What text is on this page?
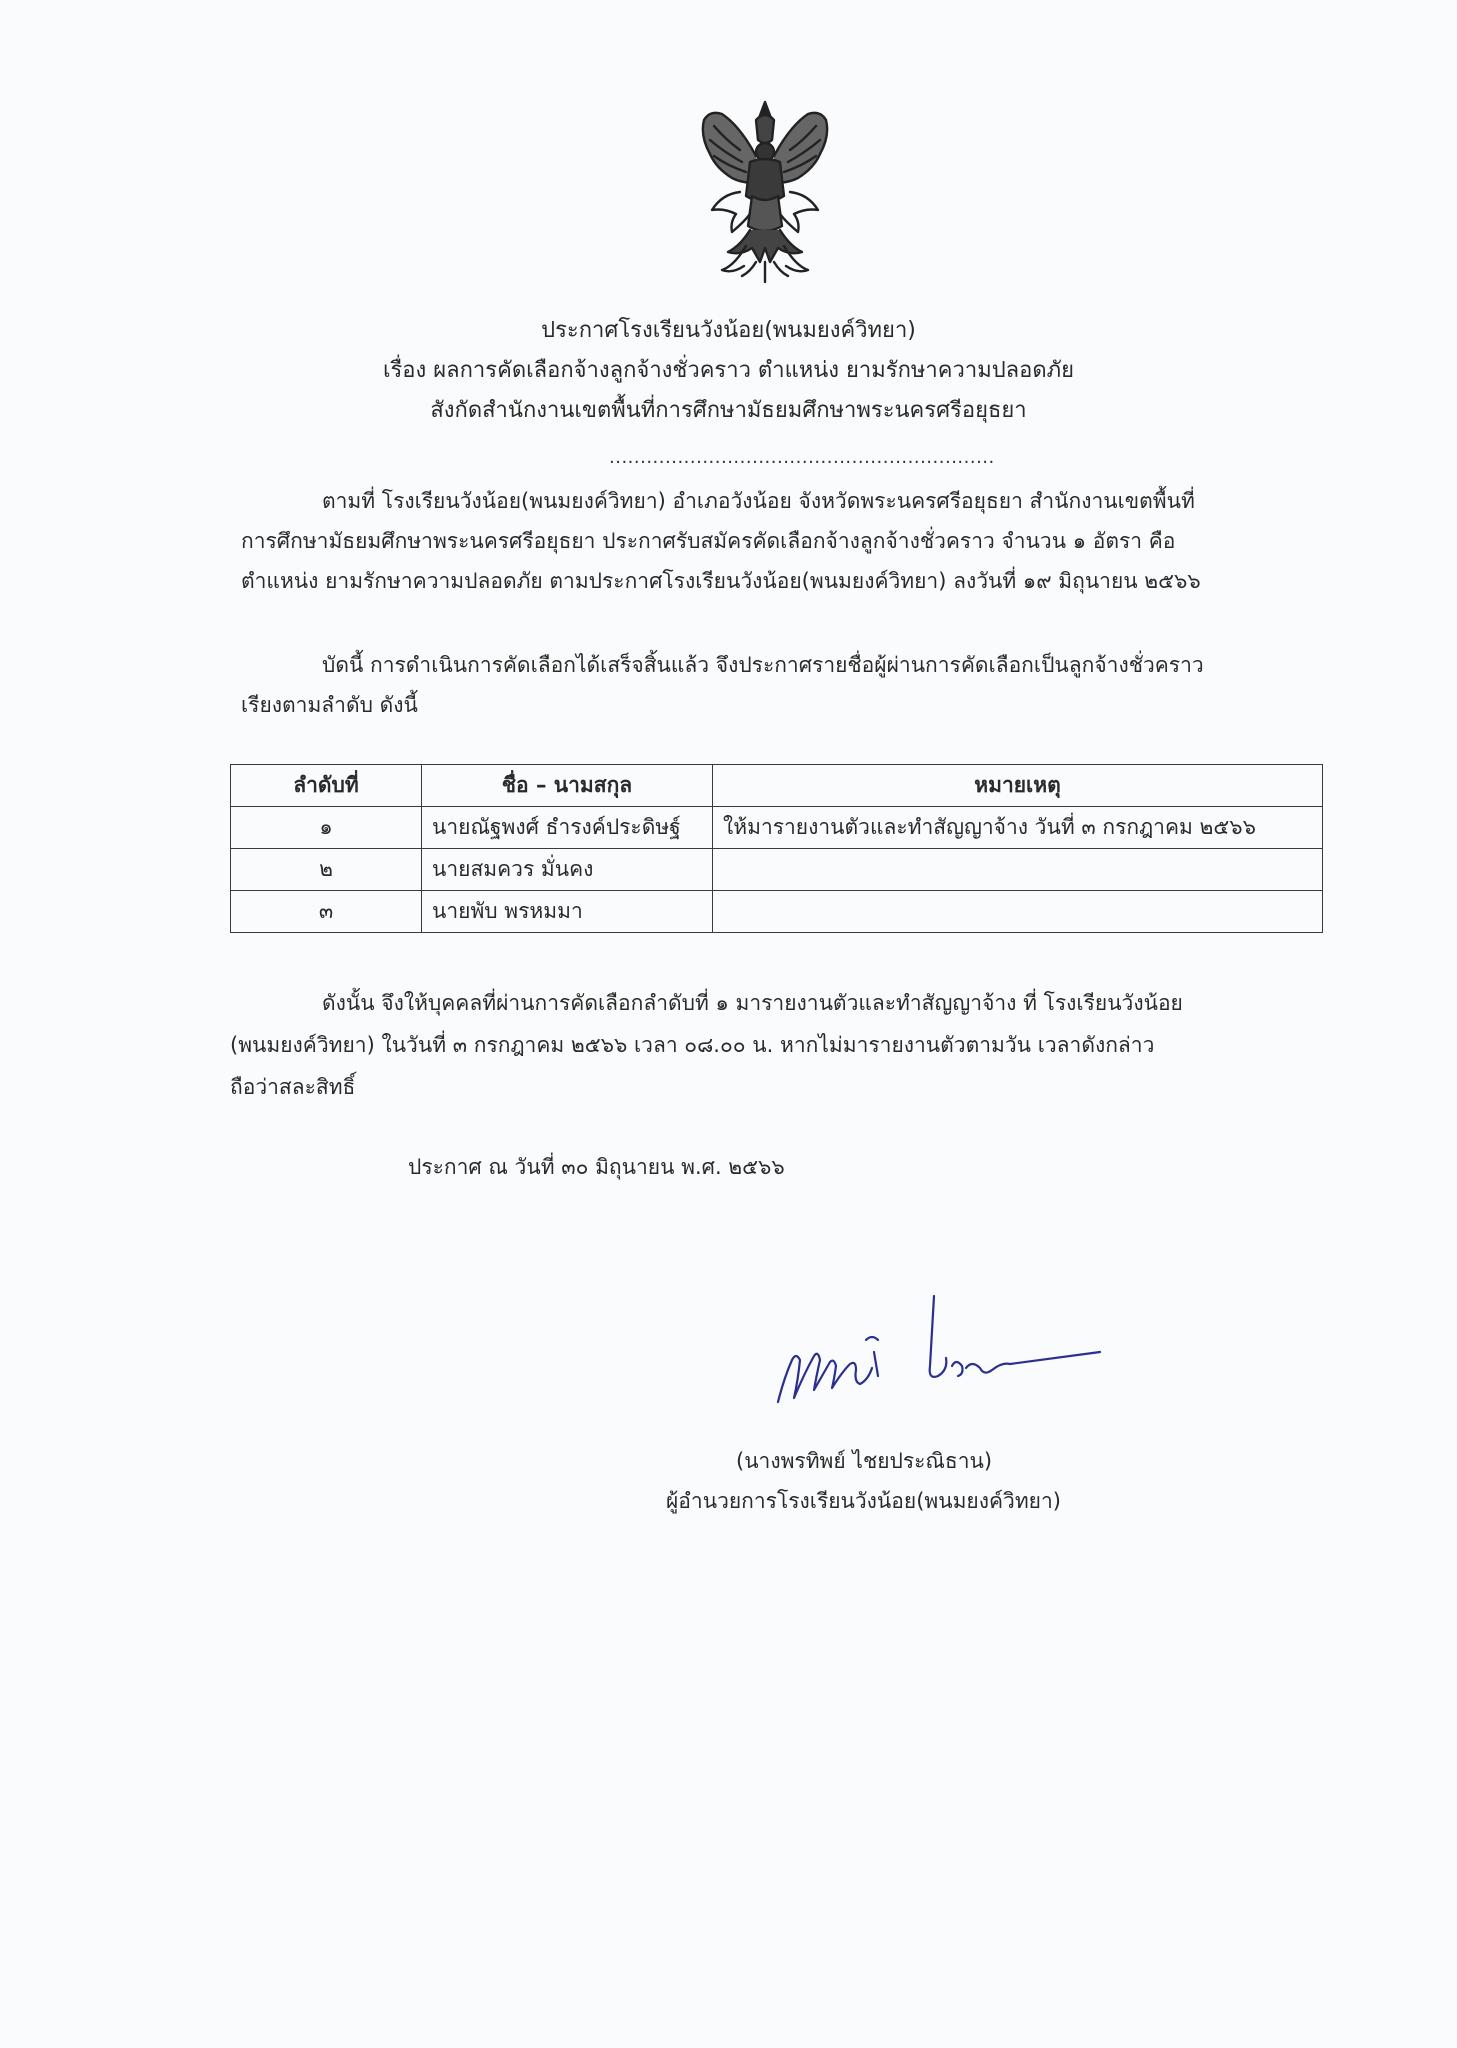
ประกาศโรงเรียนวังน้อย(พนมยงค์วิทยา)
เรื่อง ผลการคัดเลือกจ้างลูกจ้างชั่วคราว ตำแหน่ง ยามรักษาความปลอดภัย
สังกัดสำนักงานเขตพื้นที่การศึกษามัธยมศึกษาพระนครศรีอยุธยา
..............................................................
ตามที่ โรงเรียนวังน้อย(พนมยงค์วิทยา) อำเภอวังน้อย จังหวัดพระนครศรีอยุธยา สำนักงานเขตพื้นที่
การศึกษามัธยมศึกษาพระนครศรีอยุธยา ประกาศรับสมัครคัดเลือกจ้างลูกจ้างชั่วคราว จำนวน ๑ อัตรา คือ
ตำแหน่ง ยามรักษาความปลอดภัย ตามประกาศโรงเรียนวังน้อย(พนมยงค์วิทยา) ลงวันที่ ๑๙ มิถุนายน ๒๕๖๖
บัดนี้ การดำเนินการคัดเลือกได้เสร็จสิ้นแล้ว จึงประกาศรายชื่อผู้ผ่านการคัดเลือกเป็นลูกจ้างชั่วคราว
เรียงตามลำดับ ดังนี้
ลำดับที่	ชื่อ – นามสกุล	หมายเหตุ
๑	นายณัฐพงศ์ ธำรงค์ประดิษฐ์	ให้มารายงานตัวและทำสัญญาจ้าง วันที่ ๓ กรกฎาคม ๒๕๖๖
๒	นายสมควร มั่นคง	
๓	นายพับ พรหมมา	
ดังนั้น จึงให้บุคคลที่ผ่านการคัดเลือกลำดับที่ ๑ มารายงานตัวและทำสัญญาจ้าง ที่ โรงเรียนวังน้อย
(พนมยงค์วิทยา) ในวันที่ ๓ กรกฎาคม ๒๕๖๖ เวลา ๐๘.๐๐ น. หากไม่มารายงานตัวตามวัน เวลาดังกล่าว
ถือว่าสละสิทธิ์
ประกาศ ณ วันที่ ๓๐ มิถุนายน พ.ศ. ๒๕๖๖
(นางพรทิพย์ ไชยประณิธาน)
ผู้อำนวยการโรงเรียนวังน้อย(พนมยงค์วิทยา)
